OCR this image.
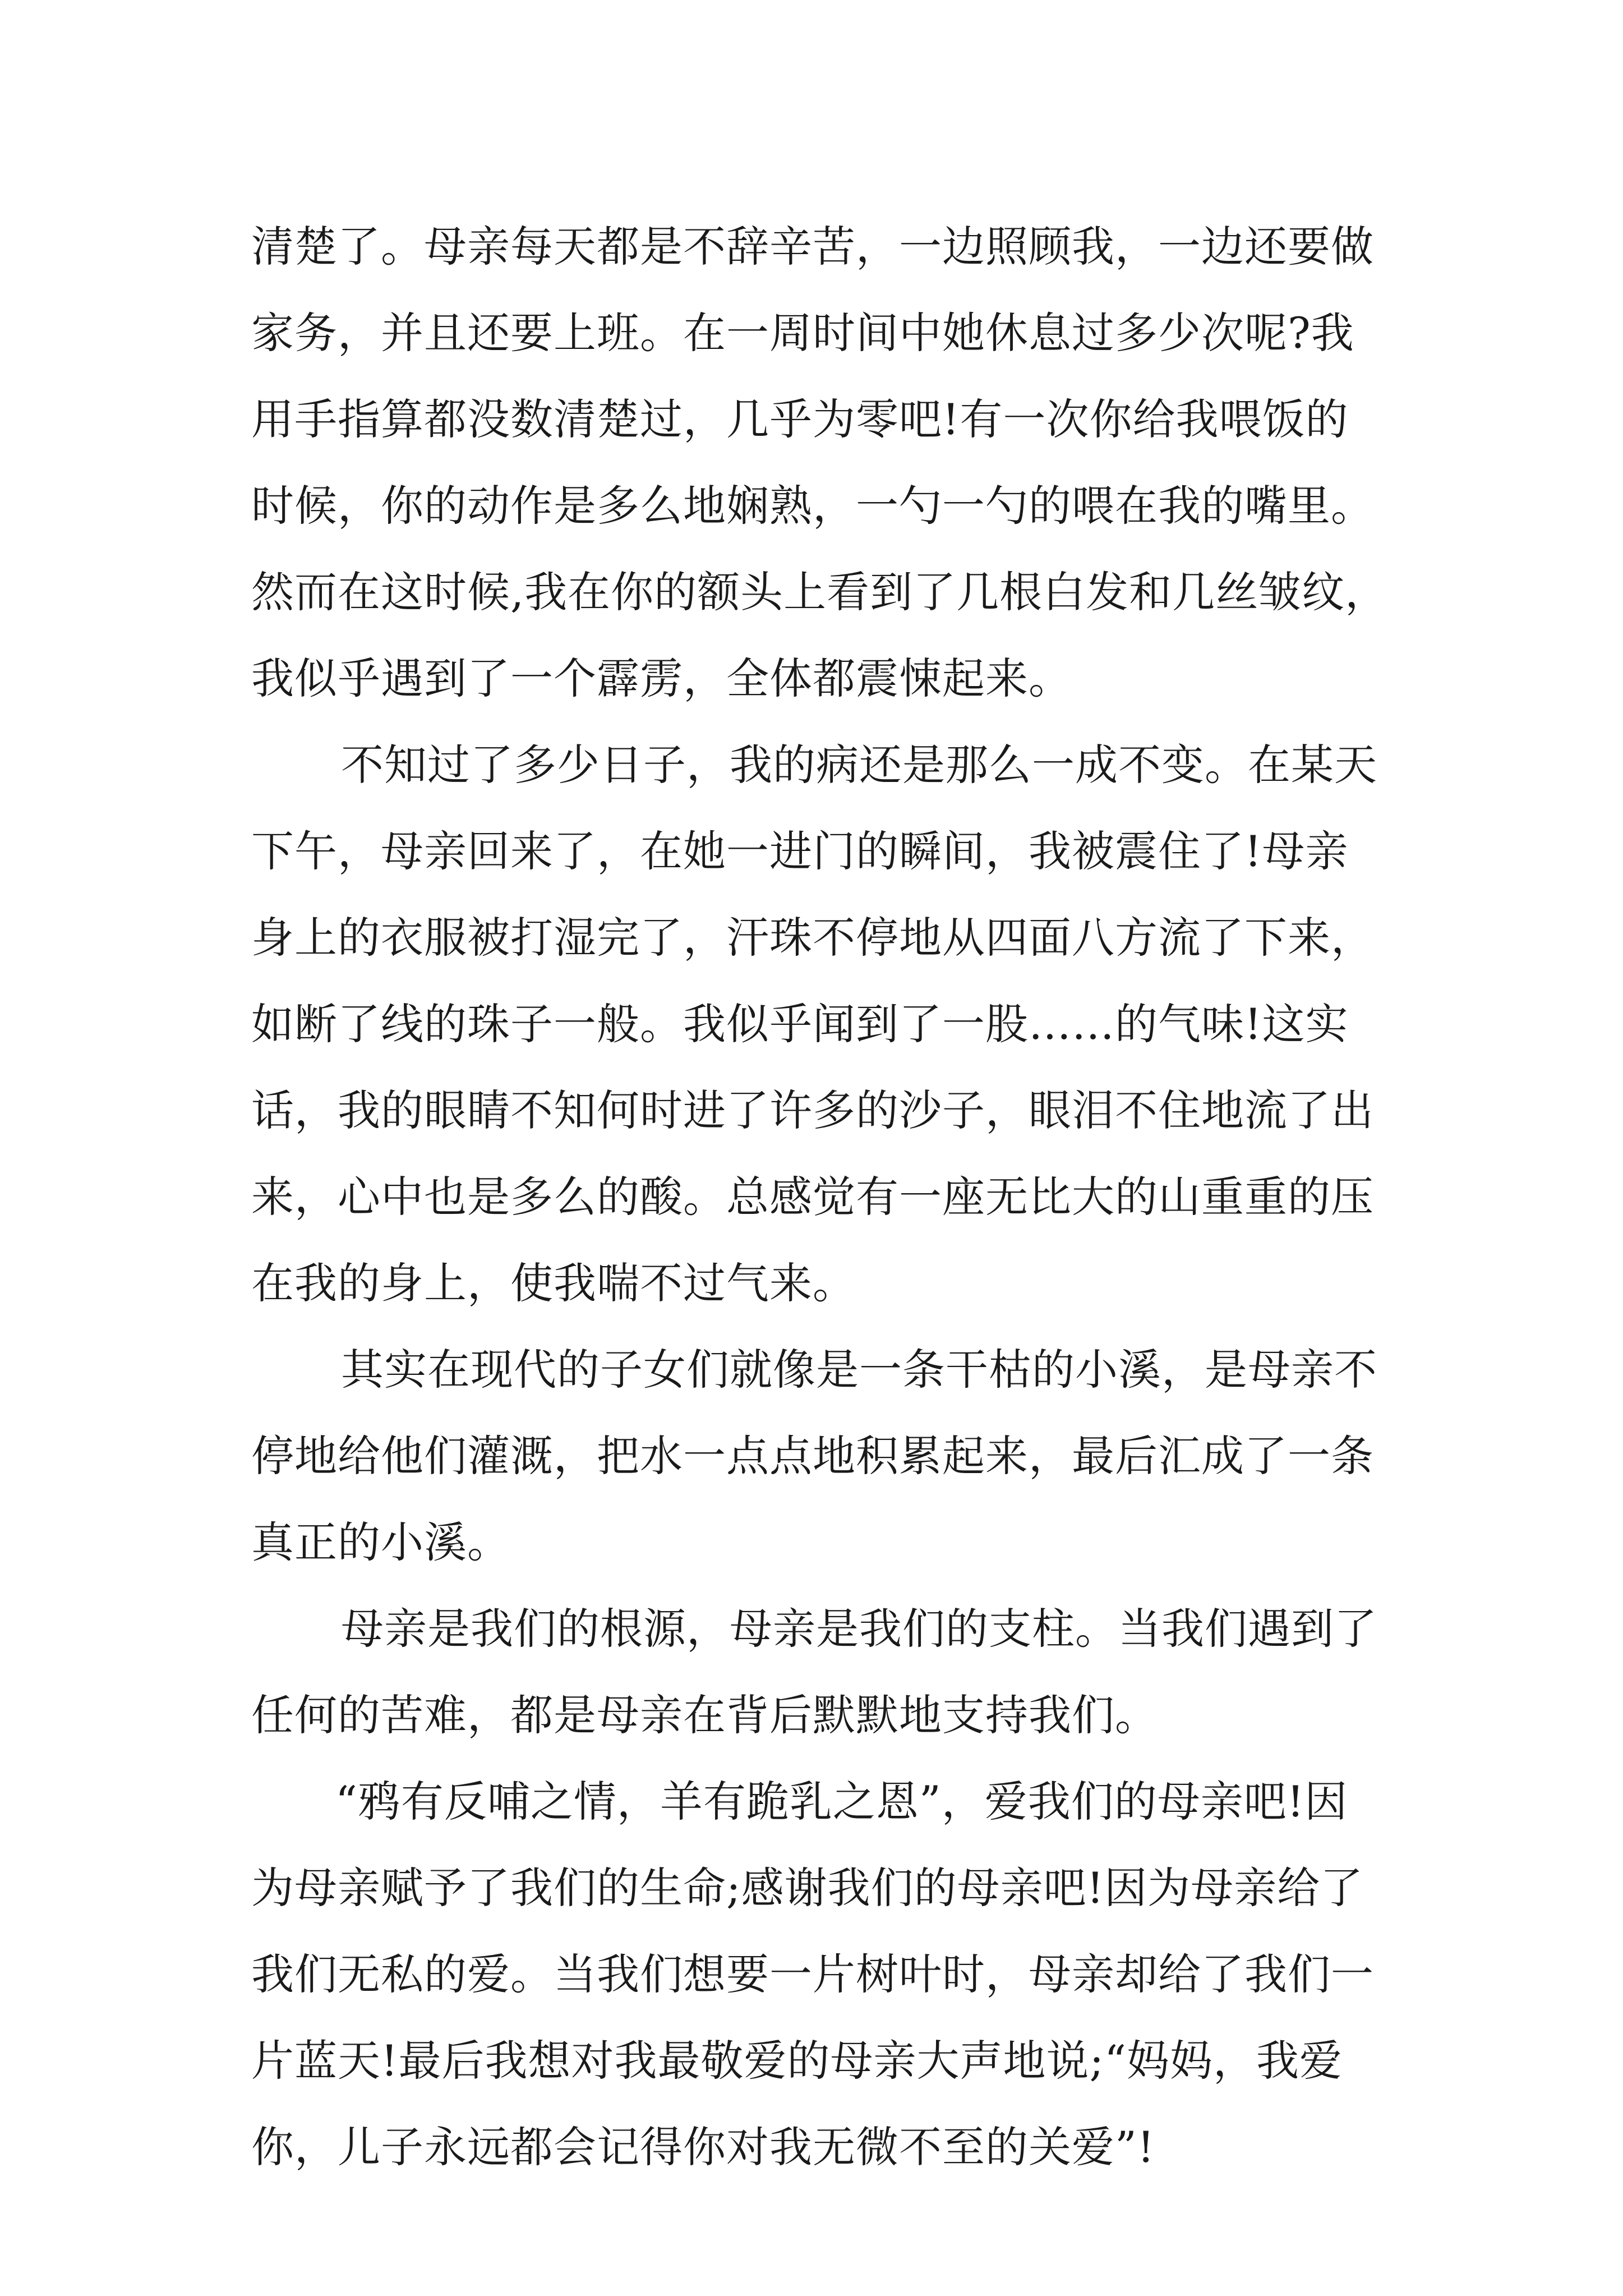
清楚了。母亲每天都是不辞辛苦，一边照顾我，一边还要做
家务，并且还要上班。在一周时间中她休息过多少次呢?我
用手指算都没数清楚过，几乎为零吧!有一次你给我喂饭的
时候，你的动作是多么地娴熟，一勺一勺的喂在我的嘴里。
然而在这时候,我在你的额头上看到了几根白发和几丝皱纹，
我似乎遇到了一个霹雳，全体都震悚起来。
不知过了多少日子，我的病还是那么一成不变。在某天
下午，母亲回来了，在她一进门的瞬间，我被震住了!母亲
身上的衣服被打湿完了，汗珠不停地从四面八方流了下来，
如断了线的珠子一般。我似乎闻到了一股……的气味!这实
话，我的眼睛不知何时进了许多的沙子，眼泪不住地流了出
来，心中也是多么的酸。总感觉有一座无比大的山重重的压
在我的身上，使我喘不过气来。
其实在现代的子女们就像是一条干枯的小溪，是母亲不
停地给他们灌溉，把水一点点地积累起来，最后汇成了一条
真正的小溪。
母亲是我们的根源，母亲是我们的支柱。当我们遇到了
任何的苦难，都是母亲在背后默默地支持我们。
“鸦有反哺之情，羊有跪乳之恩”，爱我们的母亲吧!因
为母亲赋予了我们的生命;感谢我们的母亲吧!因为母亲给了
我们无私的爱。当我们想要一片树叶时，母亲却给了我们一
片蓝天!最后我想对我最敬爱的母亲大声地说;“妈妈，我爱
你，儿子永远都会记得你对我无微不至的关爱”!
